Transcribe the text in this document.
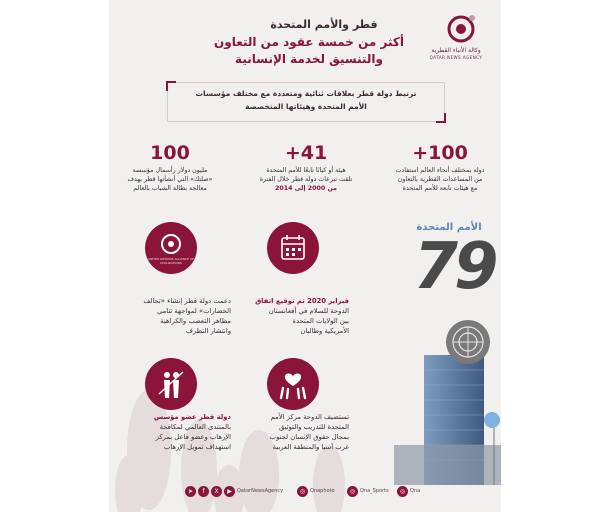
وكالة الأنباء القطرية
QATAR NEWS AGENCY
قطر والأمم المتحدة
أكثر من خمسة عقود من التعاون
والتنسيق لخدمة الإنسانية
ترتبط دولة قطر بعلاقات ثنائية ومتعددة مع مختلف مؤسسات
الأمم المتحدة وهيئاتها المتخصصة
+100
دولة بمختلف أنحاء العالم استفادت
من المساعدات القطرية بالتعاون
مع هيئات تابعة للأمم المتحدة
+41
هيئة أو كيانًا تابعًا للأمم المتحدة
تلقت تبرعات دولة قطر خلال الفترة
من 2000 إلى 2014
100
مليون دولار رأسمال مؤسسة
«صلتك» التي أنشأتها قطر بهدف
معالجة بطالة الشباب بالعالم
الأمم المتحدة
79
فبراير 2020 تم توقيع اتفاق
الدوحة للسلام في أفغانستان
بين الولايات المتحدة
الأمريكية وطالبان
UNITED NATIONS ALLIANCE OF CIVILIZATIONS
دعمت دولة قطر إنشاء «تحالف
الحضارات» لمواجهة تنامي
مظاهر التعصب والكراهية
وانتشار التطرف
تستضيف الدوحة مركز الأمم
المتحدة للتدريب والتوثيق
بمجال حقوق الإنسان لجنوب
غرب آسيا والمنطقة العربية
دولة قطر عضو مؤسس
بالمنتدى العالمي لمكافحة
الإرهاب وعضو فاعل بمركز
استهداف تمويل الإرهاب
➤	f	X	▶	QatarNewsAgency	◎ Qnaphoto	◎ Qna_Sports	◎ Qna
